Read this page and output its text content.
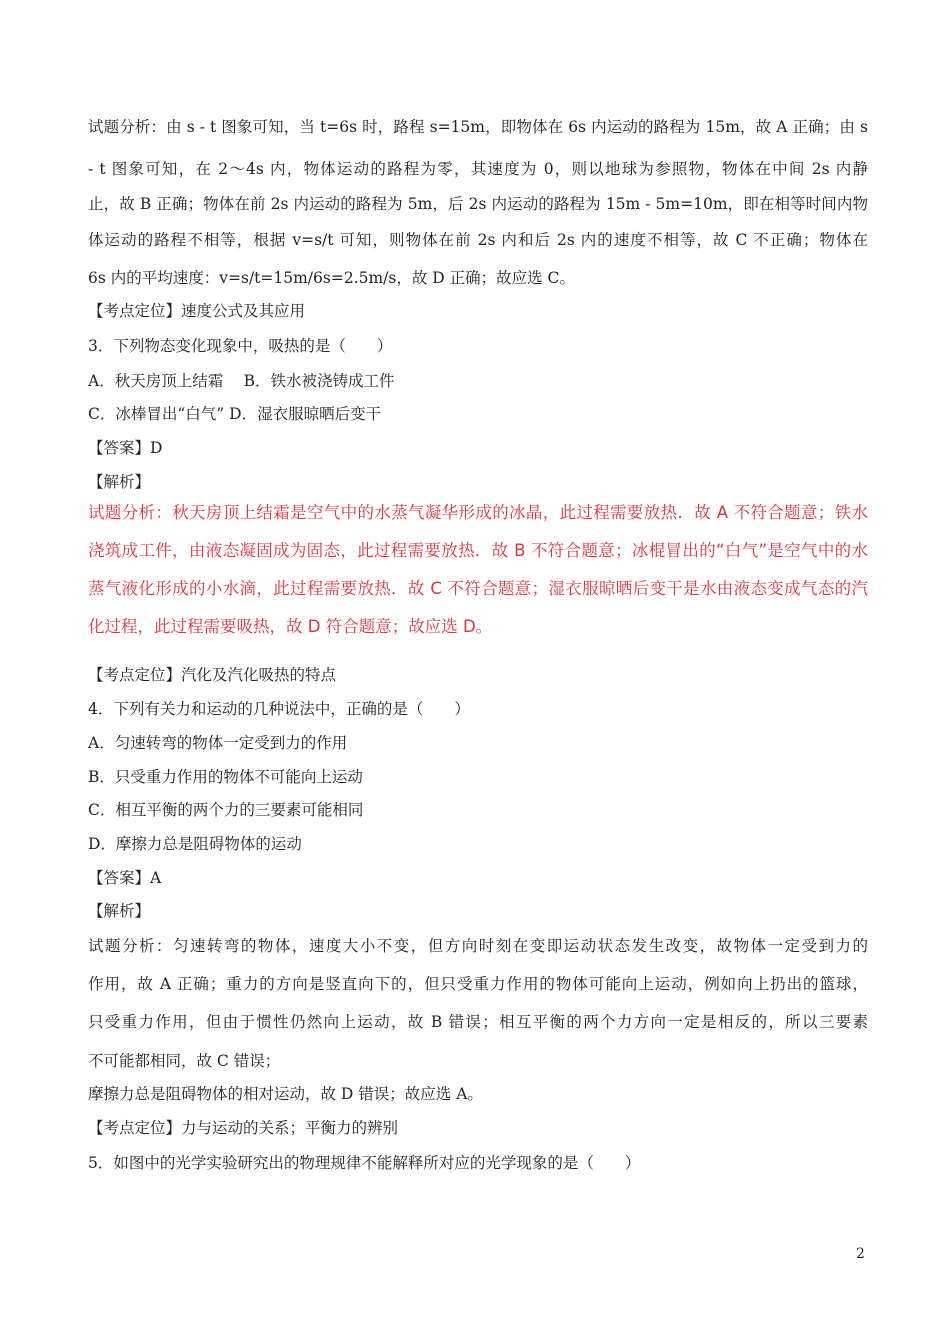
试题分析：由 s - t 图象可知，当 t=6s 时，路程 s=15m，即物体在 6s 内运动的路程为 15m，故 A 正确；由 s
- t 图象可知，在 2～4s 内，物体运动的路程为零，其速度为 0，则以地球为参照物，物体在中间 2s 内静
止，故 B 正确；物体在前 2s 内运动的路程为 5m，后 2s 内运动的路程为 15m - 5m=10m，即在相等时间内物
体运动的路程不相等，根据 v=s/t 可知，则物体在前 2s 内和后 2s 内的速度不相等，故 C 不正确；物体在
6s 内的平均速度：v=s/t=15m/6s=2.5m/s，故 D 正确；故应选 C。
【考点定位】速度公式及其应用
3．下列物态变化现象中，吸热的是（　　）
A．秋天房顶上结霜　 B．铁水被浇铸成工件
C．冰棒冒出“白气” D．湿衣服晾晒后变干
【答案】D
【解析】
试题分析：秋天房顶上结霜是空气中的水蒸气凝华形成的冰晶，此过程需要放热．故 A 不符合题意；铁水
浇筑成工件，由液态凝固成为固态，此过程需要放热．故 B 不符合题意；冰棍冒出的“白气”是空气中的水
蒸气液化形成的小水滴，此过程需要放热．故 C 不符合题意；湿衣服晾晒后变干是水由液态变成气态的汽
化过程，此过程需要吸热，故 D 符合题意；故应选 D。
【考点定位】汽化及汽化吸热的特点
4．下列有关力和运动的几种说法中，正确的是（　　）
A．匀速转弯的物体一定受到力的作用
B．只受重力作用的物体不可能向上运动
C．相互平衡的两个力的三要素可能相同
D．摩擦力总是阻碍物体的运动
【答案】A
【解析】
试题分析：匀速转弯的物体，速度大小不变，但方向时刻在变即运动状态发生改变，故物体一定受到力的
作用，故 A 正确；重力的方向是竖直向下的，但只受重力作用的物体可能向上运动，例如向上扔出的篮球，
只受重力作用，但由于惯性仍然向上运动，故 B 错误；相互平衡的两个力方向一定是相反的，所以三要素
不可能都相同，故 C 错误；
摩擦力总是阻碍物体的相对运动，故 D 错误；故应选 A。
【考点定位】力与运动的关系；平衡力的辨别
5．如图中的光学实验研究出的物理规律不能解释所对应的光学现象的是（　　）
2
